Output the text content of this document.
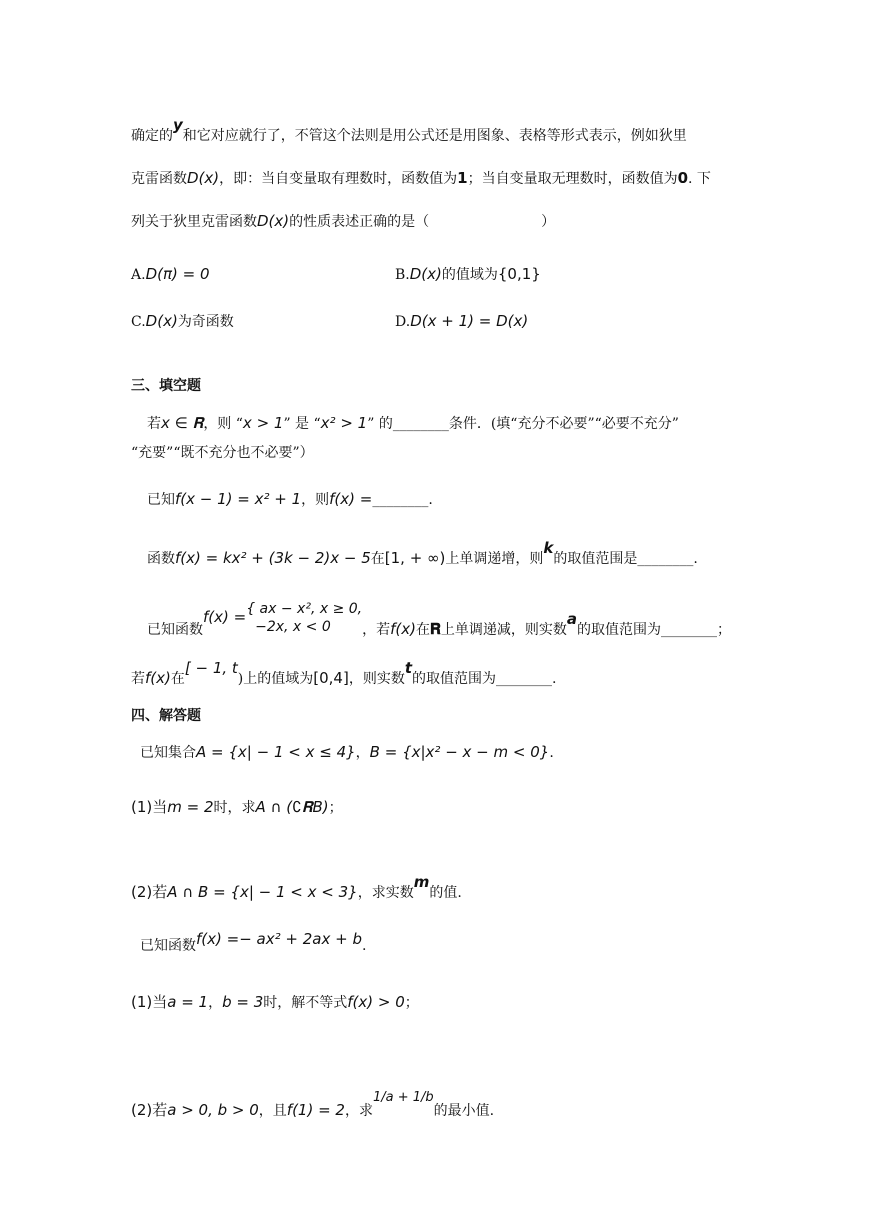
确定的y和它对应就行了，不管这个法则是用公式还是用图象、表格等形式表示，例如狄里
克雷函数D(x)，即：当自变量取有理数时，函数值为1；当自变量取无理数时，函数值为0. 下
列关于狄里克雷函数D(x)的性质表述正确的是（　　　　　　　　）
A.D(π) = 0	B.D(x)的值域为{0,1}
C.D(x)为奇函数	D.D(x + 1) = D(x)
三、填空题
若x ∈ 𝐑，则 “x > 1” 是 “x² > 1” 的________条件．(填“充分不必要”“必要不充分”
“充要”“既不充分也不必要”）
已知f(x − 1) = x² + 1，则f(x) =________.
函数f(x) = kx² + (3k − 2)x − 5在[1, + ∞)上单调递增，则k的取值范围是________.
已知函数f(x) = { ax − x², x ≥ 0,
−2x, x < 0	，若f(x)在𝐑上单调递减，则实数a的取值范围为________；
若f(x)在[ − 1, t)上的值域为[0,4]，则实数t的取值范围为________.
四、解答题
已知集合A = {x| − 1 < x ≤ 4}，B = {x|x² − x − m < 0}.
(1)当m = 2时，求A ∩ (∁𝐑B)；
(2)若A ∩ B = {x| − 1 < x < 3}，求实数m的值.
已知函数f(x) =− ax² + 2ax + b.
(1)当a = 1，b = 3时，解不等式f(x) > 0；
(2)若a > 0, b > 0，且f(1) = 2，求1/a + 1/b的最小值.
